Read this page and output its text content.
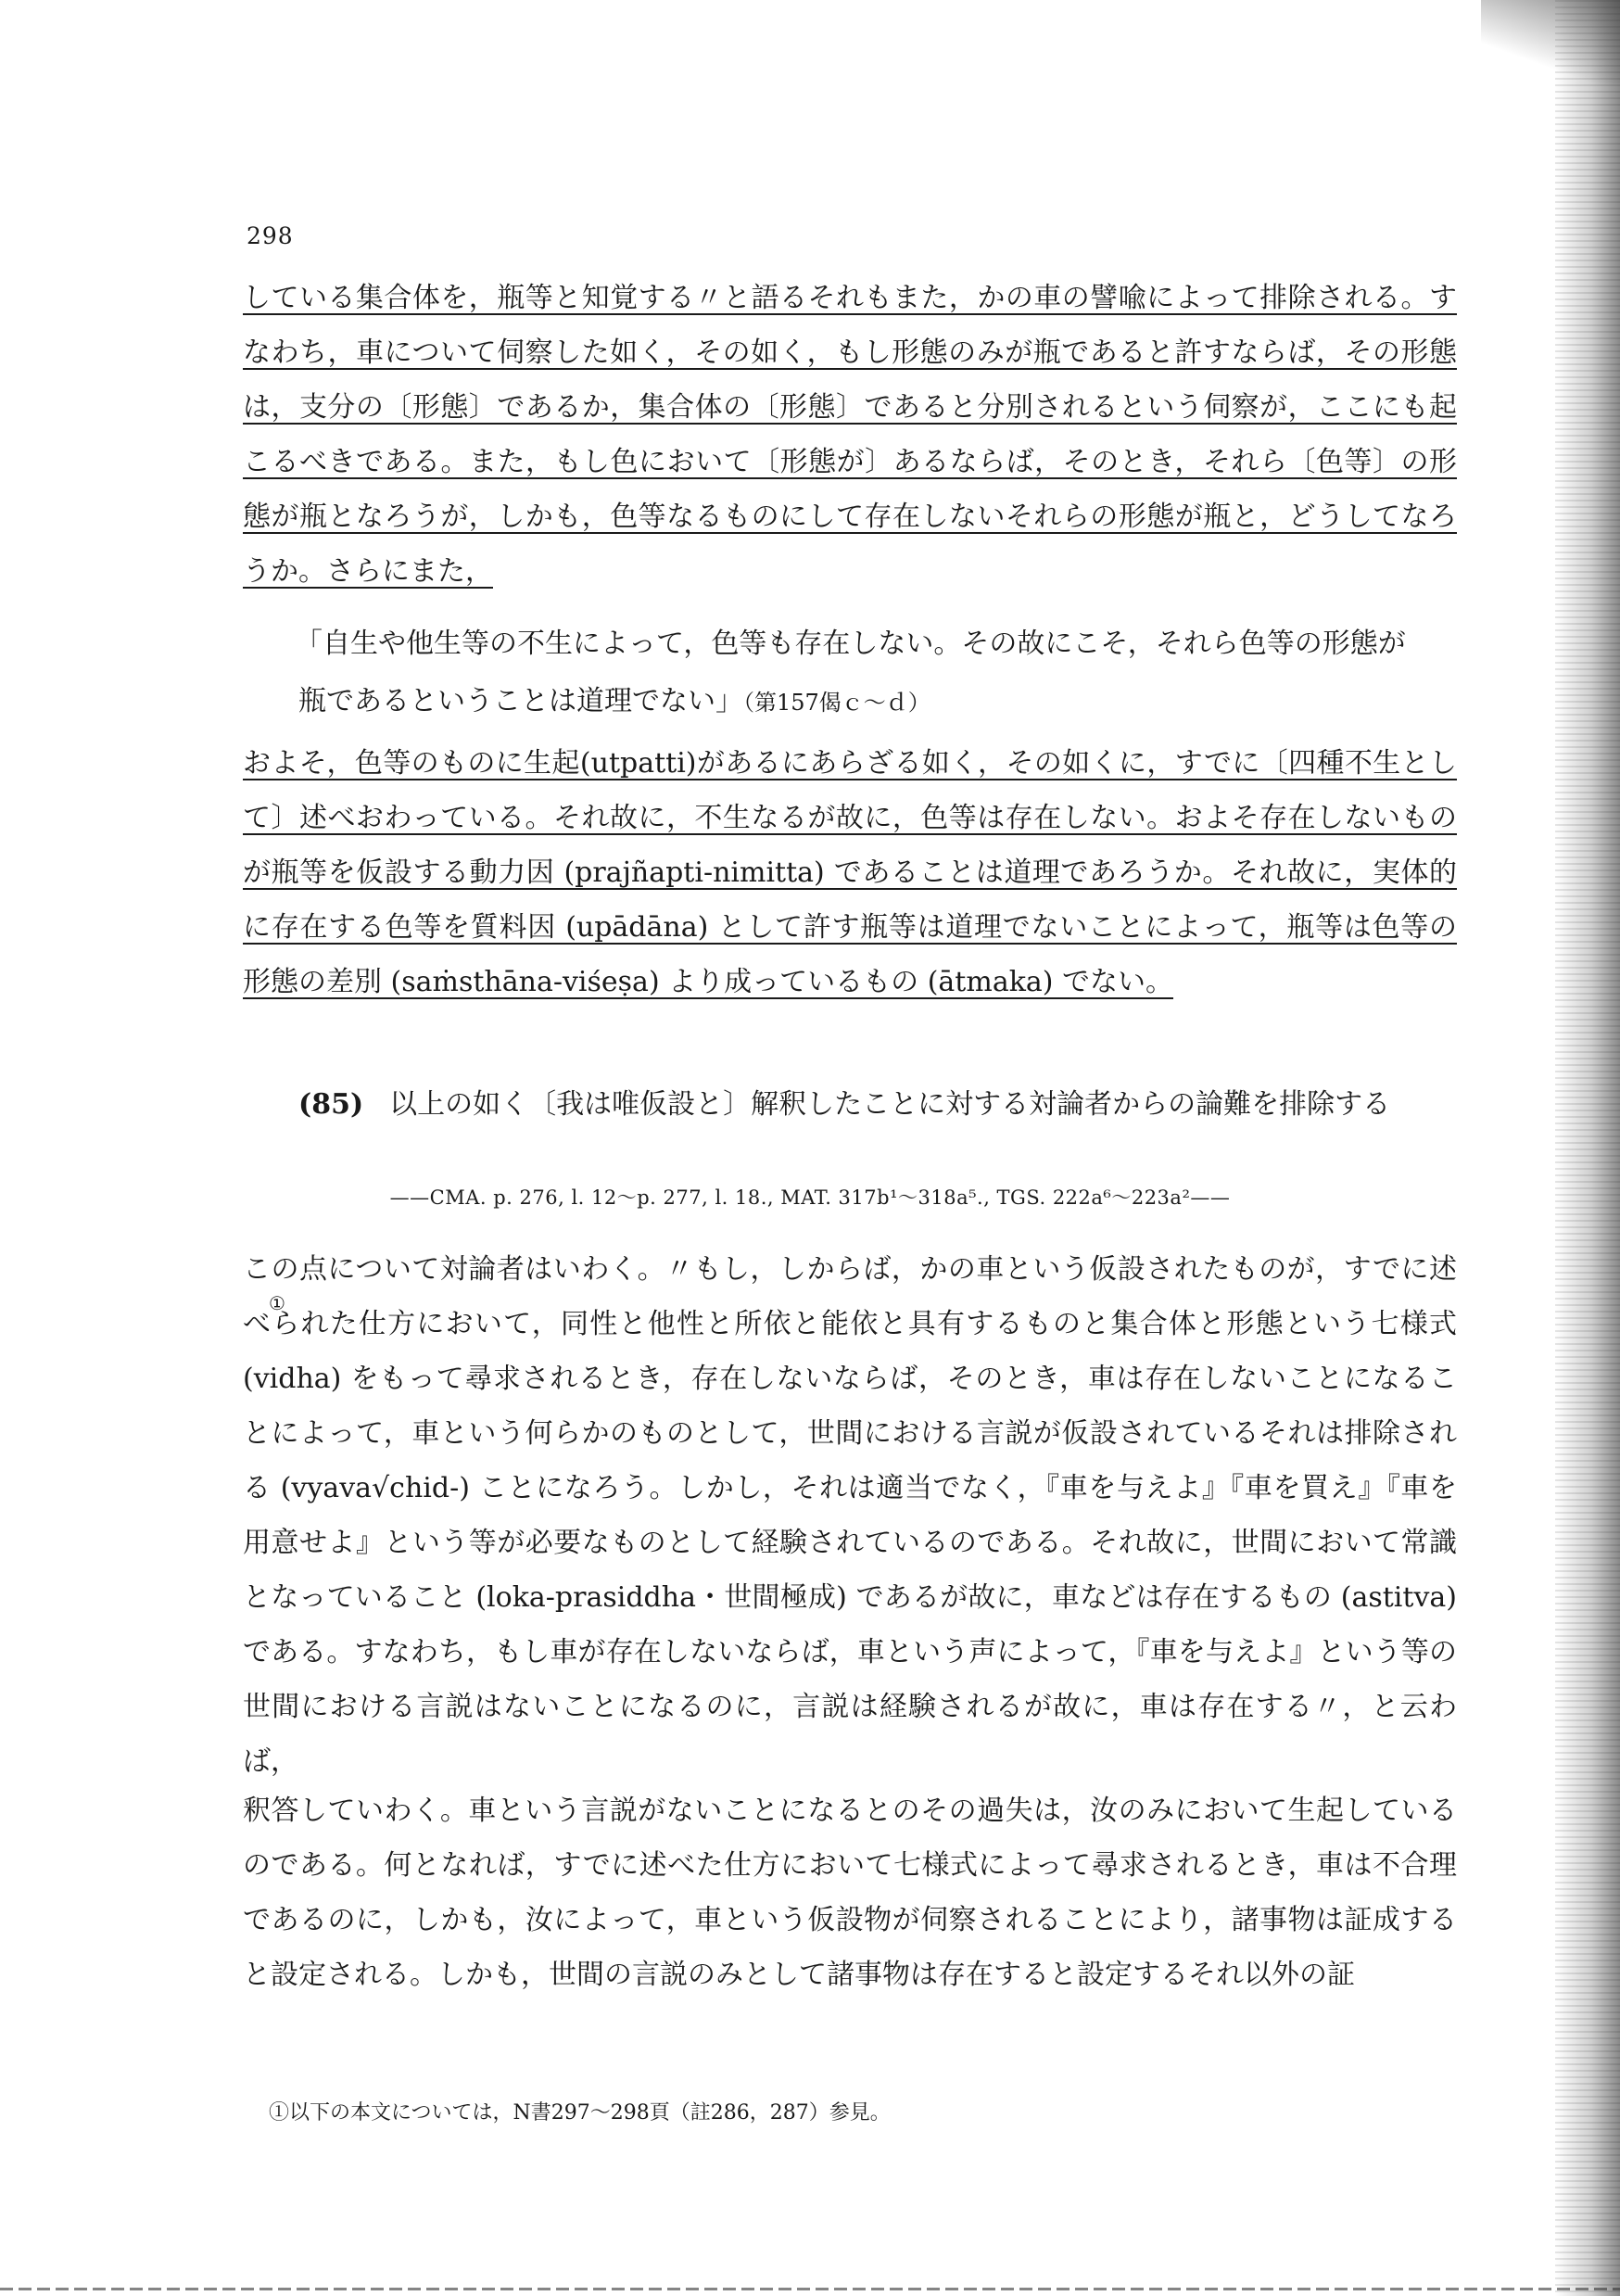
298
している集合体を，瓶等と知覚する〃と語るそれもまた，かの車の譬喩によって排除される。すなわち，車について伺察した如く，その如く，もし形態のみが瓶であると許すならば，その形態は，支分の〔形態〕であるか，集合体の〔形態〕であると分別されるという伺察が，ここにも起こるべきである。また，もし色において〔形態が〕あるならば，そのとき，それら〔色等〕の形態が瓶となろうが，しかも，色等なるものにして存在しないそれらの形態が瓶と，どうしてなろうか。さらにまた，
「自生や他生等の不生によって，色等も存在しない。その故にこそ，それら色等の形態が
瓶であるということは道理でない」（第157偈ｃ～ｄ）
およそ，色等のものに生起(utpatti)があるにあらざる如く，その如くに，すでに〔四種不生として〕述べおわっている。それ故に，不生なるが故に，色等は存在しない。およそ存在しないものが瓶等を仮設する動力因 (prajñapti-nimitta) であることは道理であろうか。それ故に，実体的に存在する色等を質料因 (upādāna) として許す瓶等は道理でないことによって，瓶等は色等の形態の差別 (saṁsthāna-viśeṣa) より成っているもの (ātmaka) でない。
(85) 以上の如く〔我は唯仮設と〕解釈したことに対する対論者からの論難を排除する
——CMA. p. 276, l. 12～p. 277, l. 18., MAT. 317b¹～318a⁵., TGS. 222a⁶～223a²——
この点について対論者はいわく。〃もし，しからば，かの車という仮設されたものが，すでに述べられた仕方において，同性と他性と所依と能依と具有するものと集合体と形態という七様式 (vidha) をもって尋求されるとき，存在しないならば，そのとき，車は存在しないことになることによって，車という何らかのものとして，世間における言説が仮設されているそれは排除される (vyava√chid-) ことになろう。しかし，それは適当でなく，『車を与えよ』『車を買え』『車を用意せよ』という等が必要なものとして経験されているのである。それ故に，世間において常識となっていること (loka-prasiddha・世間極成) であるが故に，車などは存在するもの (astitva) である。すなわち，もし車が存在しないならば，車という声によって，『車を与えよ』という等の世間における言説はないことになるのに，言説は経験されるが故に，車は存在する〃，と云わば，
①
釈答していわく。車という言説がないことになるとのその過失は，汝のみにおいて生起しているのである。何となれば，すでに述べた仕方において七様式によって尋求されるとき，車は不合理であるのに，しかも，汝によって，車という仮設物が伺察されることにより，諸事物は証成すると設定される。しかも，世間の言説のみとして諸事物は存在すると設定するそれ以外の証
①以下の本文については，N書297～298頁（註286，287）参見。
